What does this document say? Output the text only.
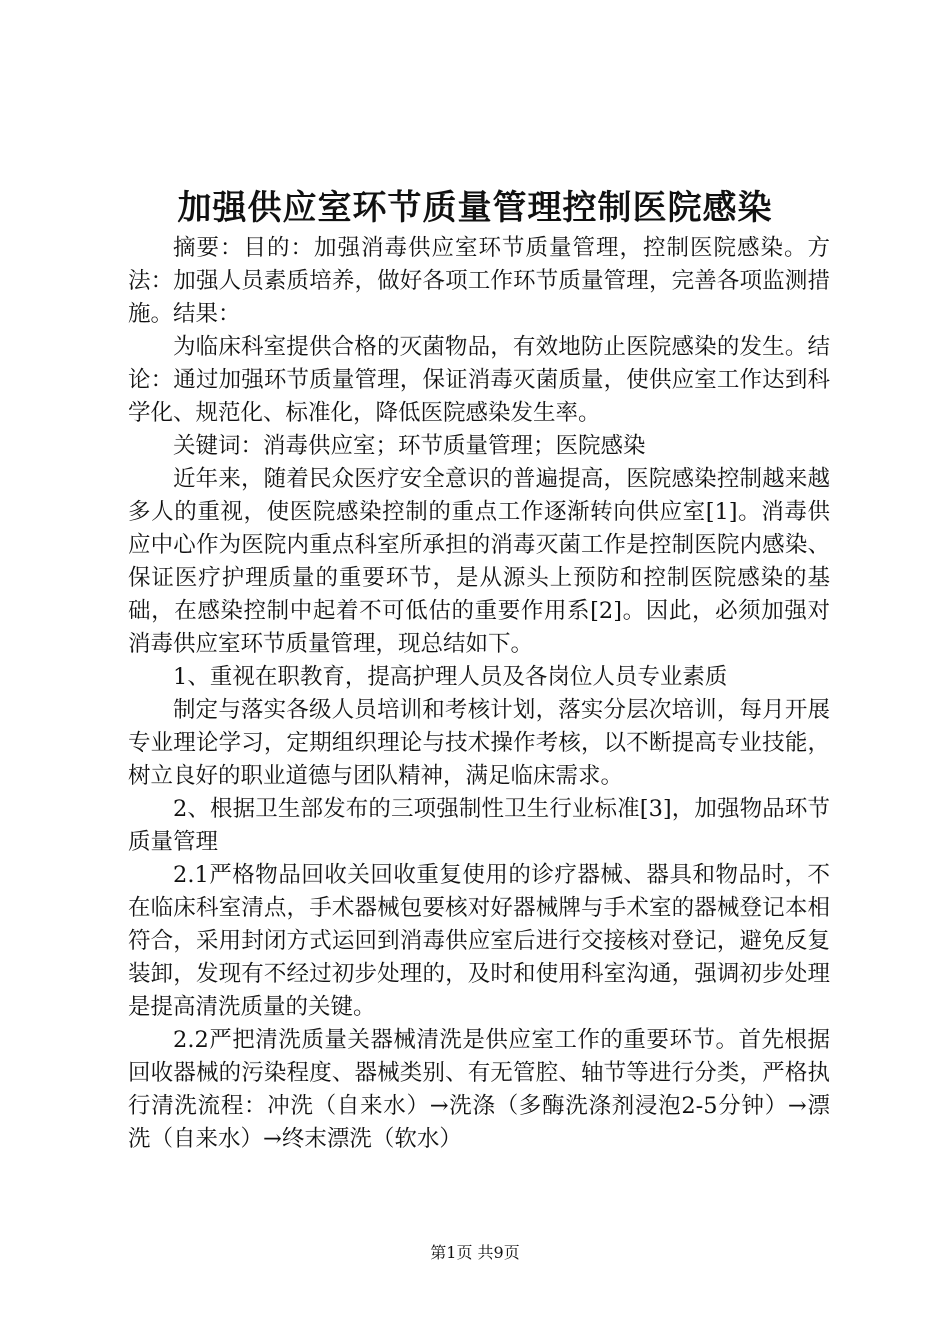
加强供应室环节质量管理控制医院感染

摘要：目的：加强消毒供应室环节质量管理，控制医院感染。方法：加强人员素质培养，做好各项工作环节质量管理，完善各项监测措施。结果：

为临床科室提供合格的灭菌物品，有效地防止医院感染的发生。结论：通过加强环节质量管理，保证消毒灭菌质量，使供应室工作达到科学化、规范化、标准化，降低医院感染发生率。

关键词：消毒供应室；环节质量管理；医院感染

近年来，随着民众医疗安全意识的普遍提高，医院感染控制越来越多人的重视，使医院感染控制的重点工作逐渐转向供应室[1]。消毒供应中心作为医院内重点科室所承担的消毒灭菌工作是控制医院内感染、保证医疗护理质量的重要环节，是从源头上预防和控制医院感染的基础，在感染控制中起着不可低估的重要作用系[2]。因此，必须加强对消毒供应室环节质量管理，现总结如下。

1、重视在职教育，提高护理人员及各岗位人员专业素质

制定与落实各级人员培训和考核计划，落实分层次培训，每月开展专业理论学习，定期组织理论与技术操作考核，以不断提高专业技能，树立良好的职业道德与团队精神，满足临床需求。

2、根据卫生部发布的三项强制性卫生行业标准[3]，加强物品环节质量管理

2.1严格物品回收关回收重复使用的诊疗器械、器具和物品时，不在临床科室清点，手术器械包要核对好器械牌与手术室的器械登记本相符合，采用封闭方式运回到消毒供应室后进行交接核对登记，避免反复装卸，发现有不经过初步处理的，及时和使用科室沟通，强调初步处理是提高清洗质量的关键。

2.2严把清洗质量关器械清洗是供应室工作的重要环节。首先根据回收器械的污染程度、器械类别、有无管腔、轴节等进行分类，严格执行清洗流程：冲洗（自来水）→洗涤（多酶洗涤剂浸泡2-5分钟）→漂洗（自来水）→终末漂洗（软水）

第1页 共9页
